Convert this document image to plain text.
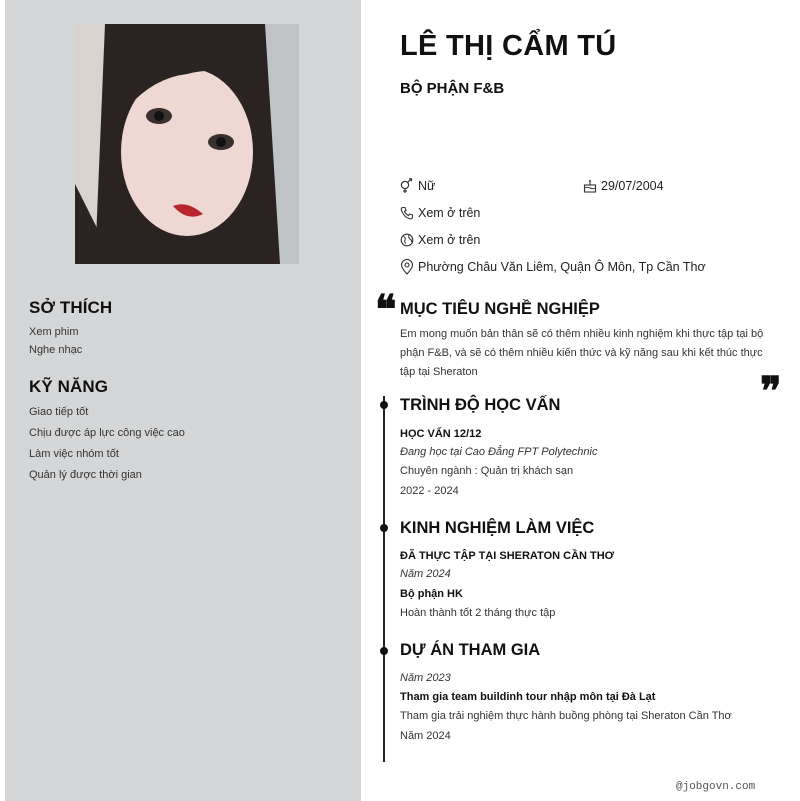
SỞ THÍCH
Xem phim
Nghe nhạc
KỸ NĂNG
Giao tiếp tốt
Chịu được áp lực công việc cao
Làm việc nhóm tốt
Quản lý được thời gian
LÊ THỊ CẨM TÚ
BỘ PHẬN F&B
Nữ	29/07/2004
Xem ở trên
Xem ở trên
Phường Châu Văn Liêm, Quận Ô Môn, Tp Cần Thơ
❝ MỤC TIÊU NGHỀ NGHIỆP
Em mong muốn bản thân sẽ có thêm nhiều kinh nghiệm khi thực tập tại bộ phận F&B, và sẽ có thêm nhiều kiến thức và kỹ năng sau khi kết thúc thực tập tại Sheraton	❞
TRÌNH ĐỘ HỌC VẤN
HỌC VẤN 12/12
Đang học tại Cao Đẳng FPT Polytechnic
Chuyên ngành : Quản trị khách sạn
2022 - 2024
KINH NGHIỆM LÀM VIỆC
ĐÃ THỰC TẬP TẠI SHERATON CẦN THƠ
Năm 2024
Bộ phận HK
Hoàn thành tốt 2 tháng thực tập
DỰ ÁN THAM GIA
Năm 2023
Tham gia team buildinh tour nhập môn tại Đà Lạt
Tham gia trải nghiệm thực hành buồng phòng tại Sheraton Cần Thơ
Năm 2024
@jobgovn.com
